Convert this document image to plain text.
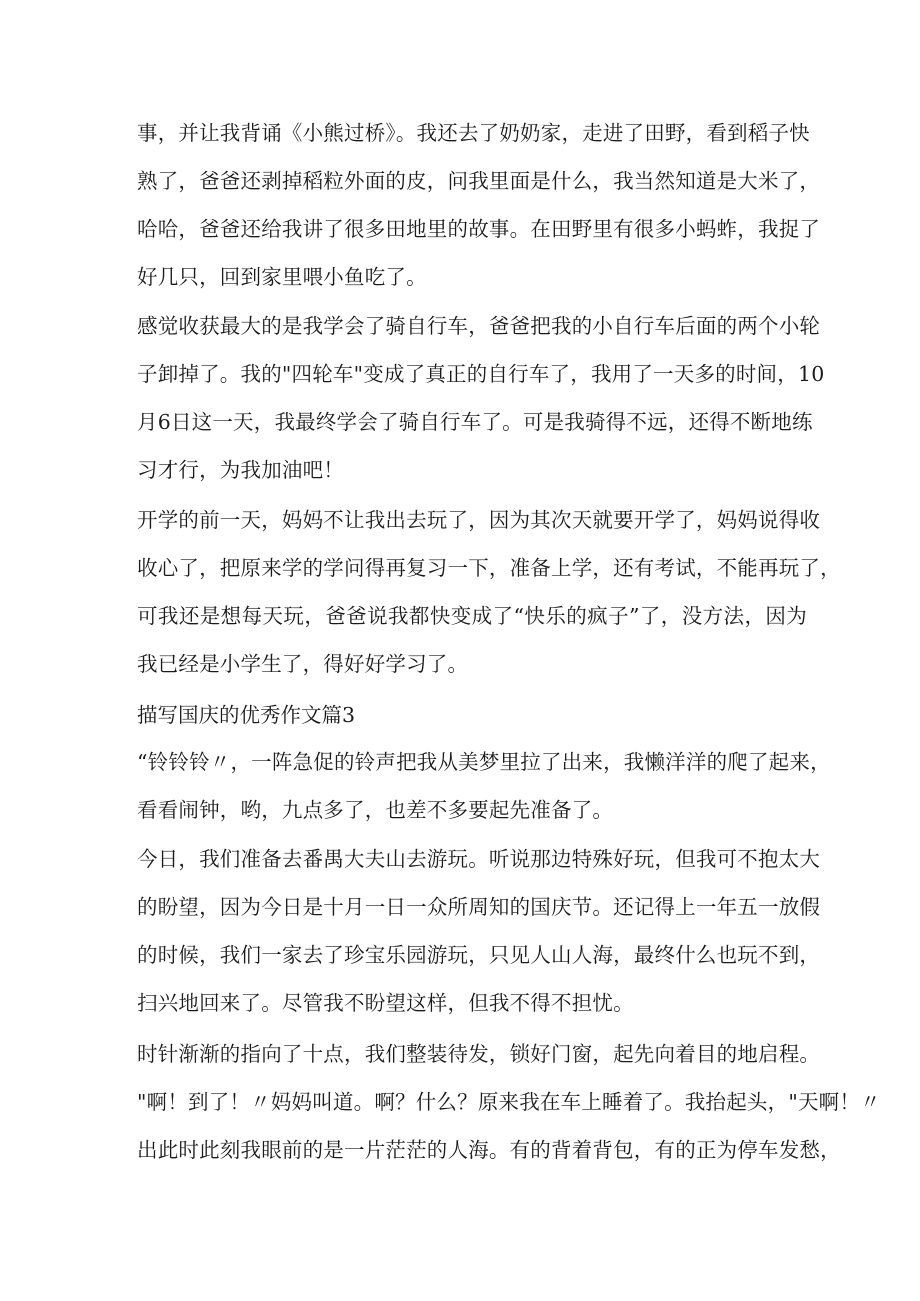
事，并让我背诵《小熊过桥》。我还去了奶奶家，走进了田野，看到稻子快
熟了，爸爸还剥掉稻粒外面的皮，问我里面是什么，我当然知道是大米了，
哈哈，爸爸还给我讲了很多田地里的故事。在田野里有很多小蚂蚱，我捉了
好几只，回到家里喂小鱼吃了。
感觉收获最大的是我学会了骑自行车，爸爸把我的小自行车后面的两个小轮
子卸掉了。我的"四轮车"变成了真正的自行车了，我用了一天多的时间，10
月6日这一天，我最终学会了骑自行车了。可是我骑得不远，还得不断地练
习才行，为我加油吧！
开学的前一天，妈妈不让我出去玩了，因为其次天就要开学了，妈妈说得收
收心了，把原来学的学问得再复习一下，准备上学，还有考试，不能再玩了，
可我还是想每天玩，爸爸说我都快变成了“快乐的疯子”了，没方法，因为
我已经是小学生了，得好好学习了。
描写国庆的优秀作文篇3
“铃铃铃〃，一阵急促的铃声把我从美梦里拉了出来，我懒洋洋的爬了起来，
看看闹钟，哟，九点多了，也差不多要起先准备了。
今日，我们准备去番禺大夫山去游玩。听说那边特殊好玩，但我可不抱太大
的盼望，因为今日是十月一日一众所周知的国庆节。还记得上一年五一放假
的时候，我们一家去了珍宝乐园游玩，只见人山人海，最终什么也玩不到，
扫兴地回来了。尽管我不盼望这样，但我不得不担忧。
时针渐渐的指向了十点，我们整装待发，锁好门窗，起先向着目的地启程。
"啊！到了！〃妈妈叫道。啊？什么？原来我在车上睡着了。我抬起头，"天啊！〃
出此时此刻我眼前的是一片茫茫的人海。有的背着背包，有的正为停车发愁，
